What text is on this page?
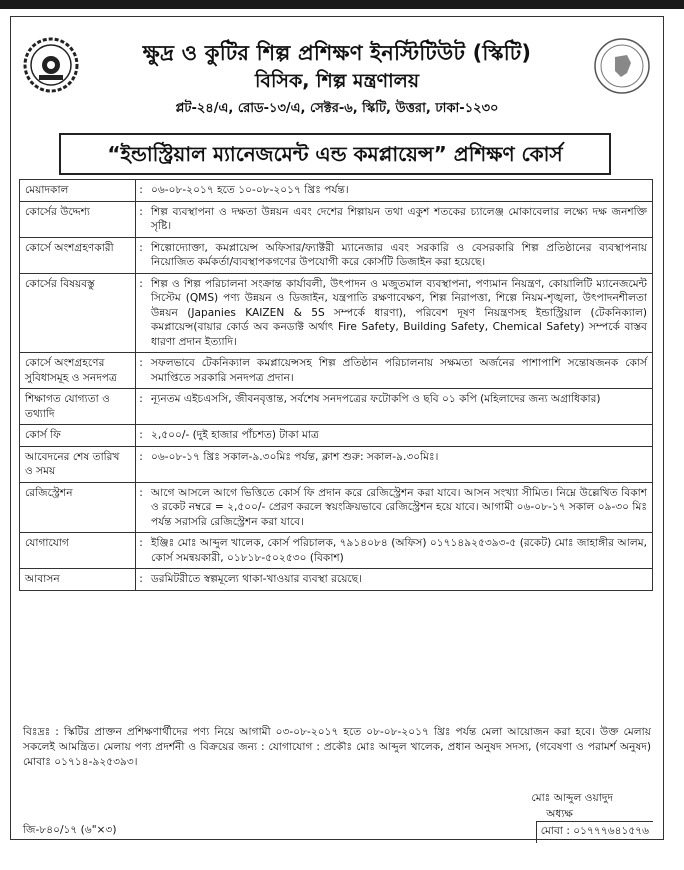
ক্ষুদ্র ও কুটির শিল্প প্রশিক্ষণ ইনস্টিটিউট (স্কিটি)
বিসিক, শিল্প মন্ত্রণালয়
প্লট-২৪/এ, রোড-১৩/এ, সেক্টর-৬, স্কিটি, উত্তরা, ঢাকা-১২৩০
“ইন্ডাস্ট্রিয়াল ম্যানেজমেন্ট এন্ড কমপ্লায়েন্স” প্রশিক্ষণ কোর্স
মেয়াদকাল	:	০৬-০৮-২০১৭ হতে ১০-০৮-২০১৭ খ্রিঃ পর্যন্ত।
কোর্সের উদ্দেশ্য	:	শিল্প ব্যবস্থাপনা ও দক্ষতা উন্নয়ন এবং দেশের শিল্পায়ন তথা একুশ শতকের চ্যালেঞ্জ মোকাবেলার লক্ষ্যে দক্ষ জনশক্তি সৃষ্টি।
কোর্সে অংশগ্রহণকারী	:	শিল্পোদ্যোক্তা, কমপ্লায়েন্স অফিসার/ফ্যাক্টরী ম্যানেজার এবং সরকারি ও বেসরকারি শিল্প প্রতিষ্ঠানের ব্যবস্থাপনায় নিয়োজিত কর্মকর্তা/ব্যবস্থাপকগণের উপযোগী করে কোর্সটি ডিজাইন করা হয়েছে।
কোর্সের বিষয়বস্তু	:	শিল্প ও শিল্প পরিচালনা সংক্রান্ত কার্যাবলী, উৎপাদন ও মজুতমাল ব্যবস্থাপনা, পণ্যমান নিয়ন্ত্রণ, কোয়ালিটি ম্যানেজমেন্ট সিস্টেম (QMS) পণ্য উন্নয়ন ও ডিজাইন, যন্ত্রপাতি রক্ষণাবেক্ষণ, শিল্প নিরাপত্তা, শিল্পে নিয়ম-শৃঙ্খলা, উৎপাদনশীলতা উন্নয়ন (Japanies KAIZEN & 5S সম্পর্কে ধারণা), পরিবেশ দূষণ নিয়ন্ত্রণসহ ইন্ডাস্ট্রিয়াল (টেকনিক্যাল) কমপ্লায়েন্স(বায়ার কোর্ড অব কনডাক্ট অর্থাৎ Fire Safety, Building Safety, Chemical Safety) সম্পর্কে বাস্তব ধারণা প্রদান ইত্যাদি।
কোর্সে অংশগ্রহণের সুবিধাসমূহ ও সনদপত্র	:	সফলভাবে টেকনিক্যাল কমপ্লায়েন্সসহ শিল্প প্রতিষ্ঠান পরিচালনায় সক্ষমতা অর্জনের পাশাপাশি সন্তোষজনক কোর্স সমাপ্তিতে সরকারি সনদপত্র প্রদান।
শিক্ষাগত যোগ্যতা ও তথ্যাদি	:	ন্যূনতম এইচএসসি, জীবনবৃত্তান্ত, সর্বশেষ সনদপত্রের ফটোকপি ও ছবি ০১ কপি (মহিলাদের জন্য অগ্রাধিকার)
কোর্স ফি	:	২,৫০০/- (দুই হাজার পাঁচশত) টাকা মাত্র
আবেদনের শেষ তারিখ ও সময়	:	০৬-০৮-১৭ খ্রিঃ সকাল-৯.৩০মিঃ পর্যন্ত, ক্লাশ শুরু: সকাল-৯.৩০মিঃ।
রেজিস্ট্রেশন	:	আগে আসলে আগে ভিত্তিতে কোর্স ফি প্রদান করে রেজিস্ট্রেশন করা যাবে। আসন সংখ্যা সীমিত। নিম্নে উল্লেখিত বিকাশ ও রকেট নম্বরে = ২,৫০০/- প্রেরণ করলে স্বয়ংক্রিয়ভাবে রেজিস্ট্রেশন হয়ে যাবে। আগামী ০৬-০৮-১৭ সকাল ০৯-৩০ মিঃ পর্যন্ত সরাসরি রেজিস্ট্রেশন করা যাবে।
যোগাযোগ	:	ইঞ্জিঃ মোঃ আব্দুল খালেক, কোর্স পরিচালক, ৭৯১৪০৮৪ (অফিস) ০১৭১৪৯২৫৩৯৩-৫ (রকেট) মোঃ জাহাঙ্গীর আলম, কোর্স সমন্বয়কারী, ০১৮১৮-৫০২৫৩০ (বিকাশ)
আবাসন	:	ডরমিটরীতে স্বল্পমূল্যে থাকা-খাওয়ার ব্যবস্থা রয়েছে।
বিঃদ্রঃ : স্কিটির প্রাক্তন প্রশিক্ষণার্থীদের পণ্য নিয়ে আগামী ০৩-০৮-২০১৭ হতে ০৮-০৮-২০১৭ খ্রিঃ পর্যন্ত মেলা আয়োজন করা হবে। উক্ত মেলায় সকলেই আমন্ত্রিত। মেলায় পণ্য প্রদর্শনী ও বিক্রয়ের জন্য : যোগাযোগ : প্রকৌঃ মোঃ আব্দুল খালেক, প্রধান অনুষদ সদস্য, (গবেষণা ও পরামর্শ অনুষদ) মোবাঃ ০১৭১৪-৯২৫৩৯৩।
মোঃ আব্দুল ওয়াদুদ
অধ্যক্ষ
জি-৮৪০/১৭ (৬"×৩)	মোবা : ০১৭৭৭৬৪১৫৭৬
